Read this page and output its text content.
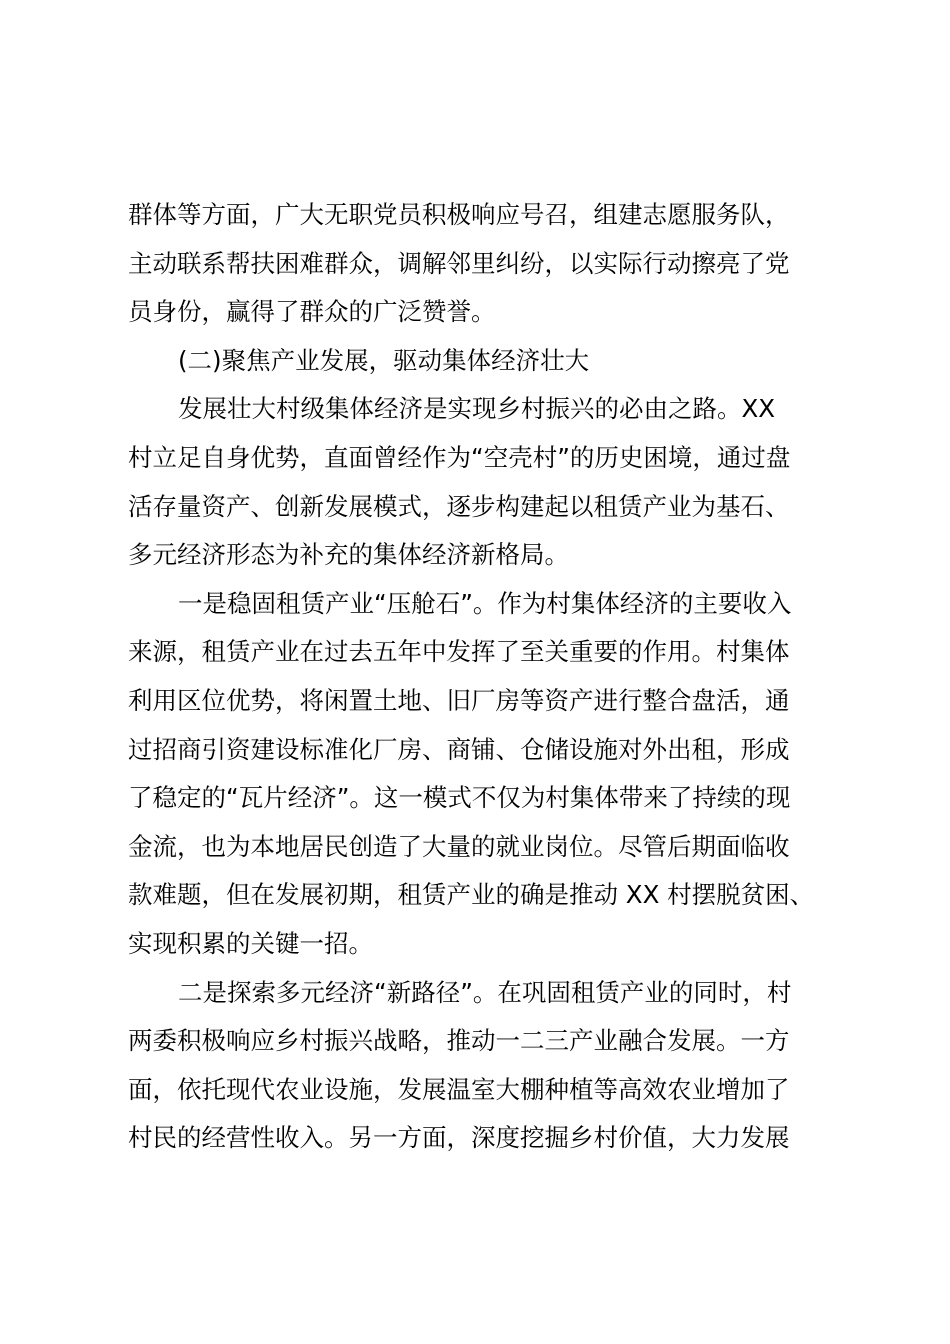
群体等方面，广大无职党员积极响应号召，组建志愿服务队，
主动联系帮扶困难群众，调解邻里纠纷，以实际行动擦亮了党
员身份，赢得了群众的广泛赞誉。
(二)聚焦产业发展，驱动集体经济壮大
发展壮大村级集体经济是实现乡村振兴的必由之路。XX
村立足自身优势，直面曾经作为“空壳村”的历史困境，通过盘
活存量资产、创新发展模式，逐步构建起以租赁产业为基石、
多元经济形态为补充的集体经济新格局。
一是稳固租赁产业“压舱石”。作为村集体经济的主要收入
来源，租赁产业在过去五年中发挥了至关重要的作用。村集体
利用区位优势，将闲置土地、旧厂房等资产进行整合盘活，通
过招商引资建设标准化厂房、商铺、仓储设施对外出租，形成
了稳定的“瓦片经济”。这一模式不仅为村集体带来了持续的现
金流，也为本地居民创造了大量的就业岗位。尽管后期面临收
款难题，但在发展初期，租赁产业的确是推动 XX 村摆脱贫困、
实现积累的关键一招。
二是探索多元经济“新路径”。在巩固租赁产业的同时，村
两委积极响应乡村振兴战略，推动一二三产业融合发展。一方
面，依托现代农业设施，发展温室大棚种植等高效农业增加了
村民的经营性收入。另一方面，深度挖掘乡村价值，大力发展
